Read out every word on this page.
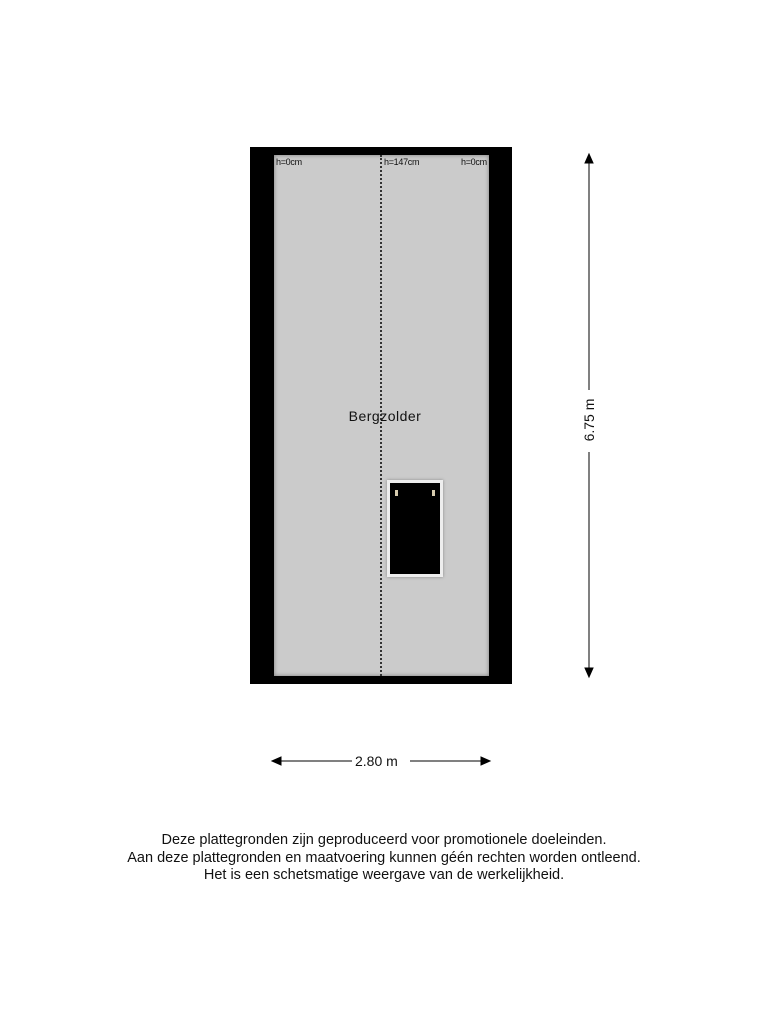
h=0cm	h=147cm	h=0cm
Bergzolder
2.80 m
6.75 m
Deze plattegronden zijn geproduceerd voor promotionele doeleinden.
Aan deze plattegronden en maatvoering kunnen géén rechten worden ontleend.
Het is een schetsmatige weergave van de werkelijkheid.
